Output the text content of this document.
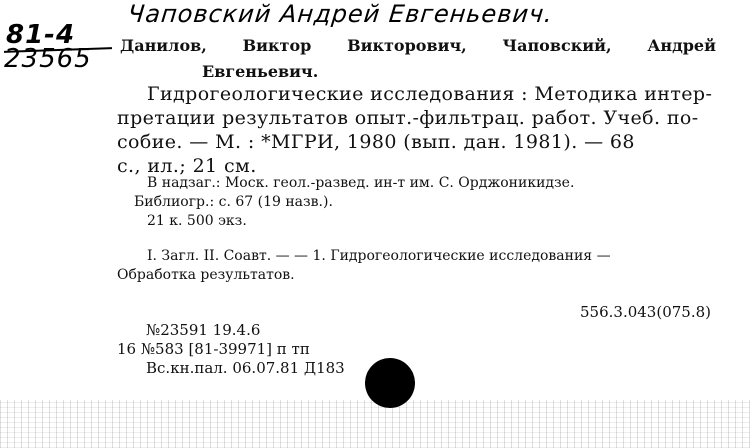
Чаповский Андрей Евгеньевич.
81-4
23565 Данилов, Виктор Викторович, Чаповский, Андрей
Евгеньевич.
Гидрогеологические исследования : Методика интер-
претации результатов опыт.-фильтрац. работ. Учеб. по-
собие. — М. : *МГРИ, 1980 (вып. дан. 1981). — 68
с., ил.; 21 см.
В надзаг.: Моск. геол.-развед. ин-т им. С. Орджоникидзе.
Библиогр.: с. 67 (19 назв.).
21 к. 500 экз.
I. Загл. II. Соавт. — — 1. Гидрогеологические исследования —
Обработка результатов.
556.3.043(075.8)
№23591 19.4.6
16 №583 [81-39971] п тп
Вс.кн.пал. 06.07.81 Д183
